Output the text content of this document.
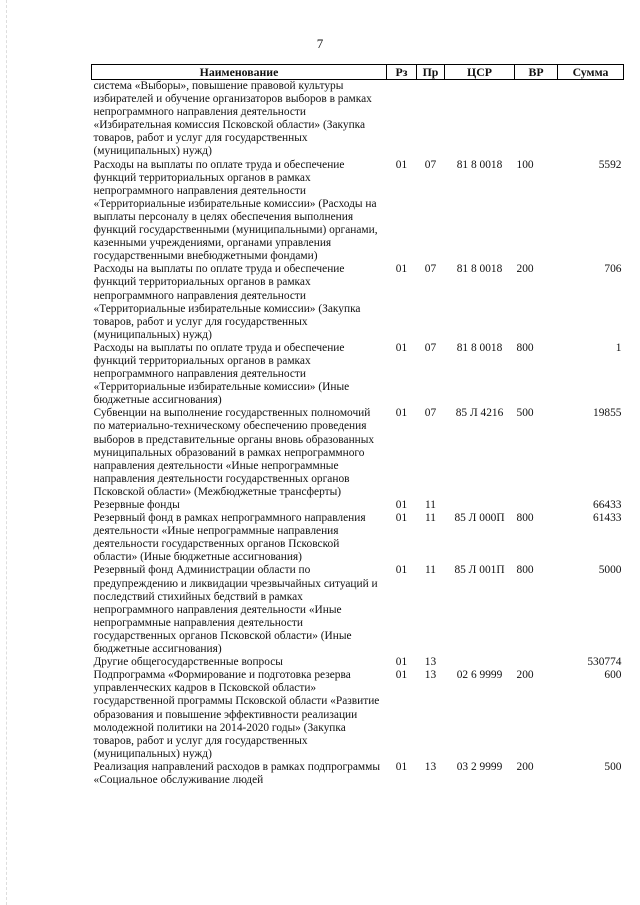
7
Наименование	Рз	Пр	ЦСР	ВР	Сумма
система «Выборы», повышение правовой культуры избирателей и обучение организаторов выборов в рамках непрограммного направления деятельности «Избирательная комиссия Псковской области» (Закупка товаров, работ и услуг для государственных (муниципальных) нужд)					
Расходы на выплаты по оплате труда и обеспечение функций территориальных органов в рамках непрограммного направления деятельности «Территориальные избирательные комиссии» (Расходы на выплаты персоналу в целях обеспечения выполнения функций государственными (муниципальными) органами, казенными учреждениями, органами управления государственными внебюджетными фондами)	01	07	81 8 0018	100	5592
Расходы на выплаты по оплате труда и обеспечение функций территориальных органов в рамках непрограммного направления деятельности «Территориальные избирательные комиссии» (Закупка товаров, работ и услуг для государственных (муниципальных) нужд)	01	07	81 8 0018	200	706
Расходы на выплаты по оплате труда и обеспечение функций территориальных органов в рамках непрограммного направления деятельности «Территориальные избирательные комиссии» (Иные бюджетные ассигнования)	01	07	81 8 0018	800	1
Субвенции на выполнение государственных полномочий по материально-техническому обеспечению проведения выборов в представительные органы вновь образованных муниципальных образований в рамках непрограммного направления деятельности «Иные непрограммные направления деятельности государственных органов Псковской области» (Межбюджетные трансферты)	01	07	85 Л 4216	500	19855
Резервные фонды	01	11			66433
Резервный фонд в рамках непрограммного направления деятельности «Иные непрограммные направления деятельности государственных органов Псковской области» (Иные бюджетные ассигнования)	01	11	85 Л 000П	800	61433
Резервный фонд Администрации области по предупреждению и ликвидации чрезвычайных ситуаций и последствий стихийных бедствий в рамках непрограммного направления деятельности «Иные непрограммные направления деятельности государственных органов Псковской области» (Иные бюджетные ассигнования)	01	11	85 Л 001П	800	5000
Другие общегосударственные вопросы	01	13			530774
Подпрограмма «Формирование и подготовка резерва управленческих кадров в Псковской области» государственной программы Псковской области «Развитие образования и повышение эффективности реализации молодежной политики на 2014-2020 годы» (Закупка товаров, работ и услуг для государственных (муниципальных) нужд)	01	13	02 6 9999	200	600
Реализация направлений расходов в рамках подпрограммы «Социальное обслуживание людей	01	13	03 2 9999	200	500
